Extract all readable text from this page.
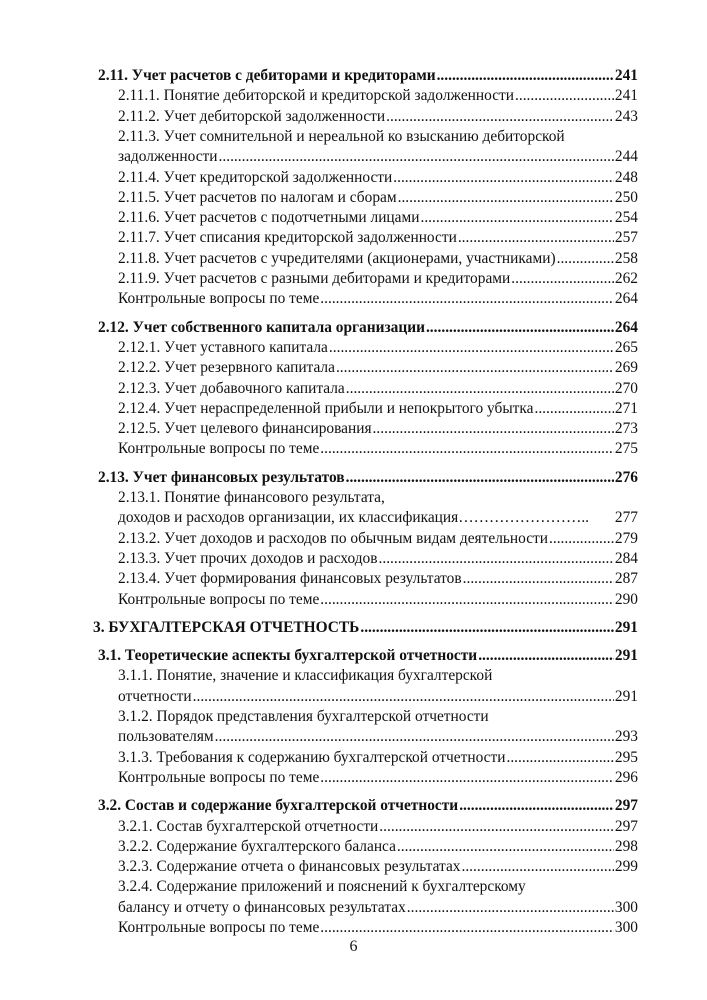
2.11. Учет расчетов с дебиторами и кредиторами .....	241
2.11.1. Понятие дебиторской и кредиторской задолженности .....	241
2.11.2. Учет дебиторской задолженности .....	243
2.11.3. Учет сомнительной и нереальной ко взысканию дебиторской
задолженности .....	244
2.11.4. Учет кредиторской задолженности .....	248
2.11.5. Учет расчетов по налогам и сборам .....	250
2.11.6. Учет расчетов с подотчетными лицами .....	254
2.11.7. Учет списания кредиторской задолженности .....	257
2.11.8. Учет расчетов с учредителями (акционерами, участниками) .....	258
2.11.9. Учет расчетов с разными дебиторами и кредиторами .....	262
Контрольные вопросы по теме .....	264
2.12. Учет собственного капитала организации .....	264
2.12.1. Учет уставного капитала .....	265
2.12.2. Учет резервного капитала .....	269
2.12.3. Учет добавочного капитала .....	270
2.12.4. Учет нераспределенной прибыли и непокрытого убытка .....	271
2.12.5. Учет целевого финансирования .....	273
Контрольные вопросы по теме .....	275
2.13. Учет финансовых результатов .....	276
2.13.1. Понятие финансового результата,
доходов и расходов организации, их классификация…………………….. 277
2.13.2. Учет доходов и расходов по обычным видам деятельности .....	279
2.13.3. Учет прочих доходов и расходов .....	284
2.13.4. Учет формирования финансовых результатов .....	287
Контрольные вопросы по теме .....	290
3. БУХГАЛТЕРСКАЯ ОТЧЕТНОСТЬ .....	291
3.1. Теоретические аспекты бухгалтерской отчетности .....	291
3.1.1. Понятие, значение и классификация бухгалтерской
отчетности .....	291
3.1.2. Порядок представления бухгалтерской отчетности
пользователям .....	293
3.1.3. Требования к содержанию бухгалтерской отчетности .....	295
Контрольные вопросы по теме .....	296
3.2. Состав и содержание бухгалтерской отчетности .....	297
3.2.1. Состав бухгалтерской отчетности .....	297
3.2.2. Содержание бухгалтерского баланса .....	298
3.2.3. Содержание отчета о финансовых результатах .....	299
3.2.4. Содержание приложений и пояснений к бухгалтерскому
балансу и отчету о финансовых результатах .....	300
Контрольные вопросы по теме .....	300
6
